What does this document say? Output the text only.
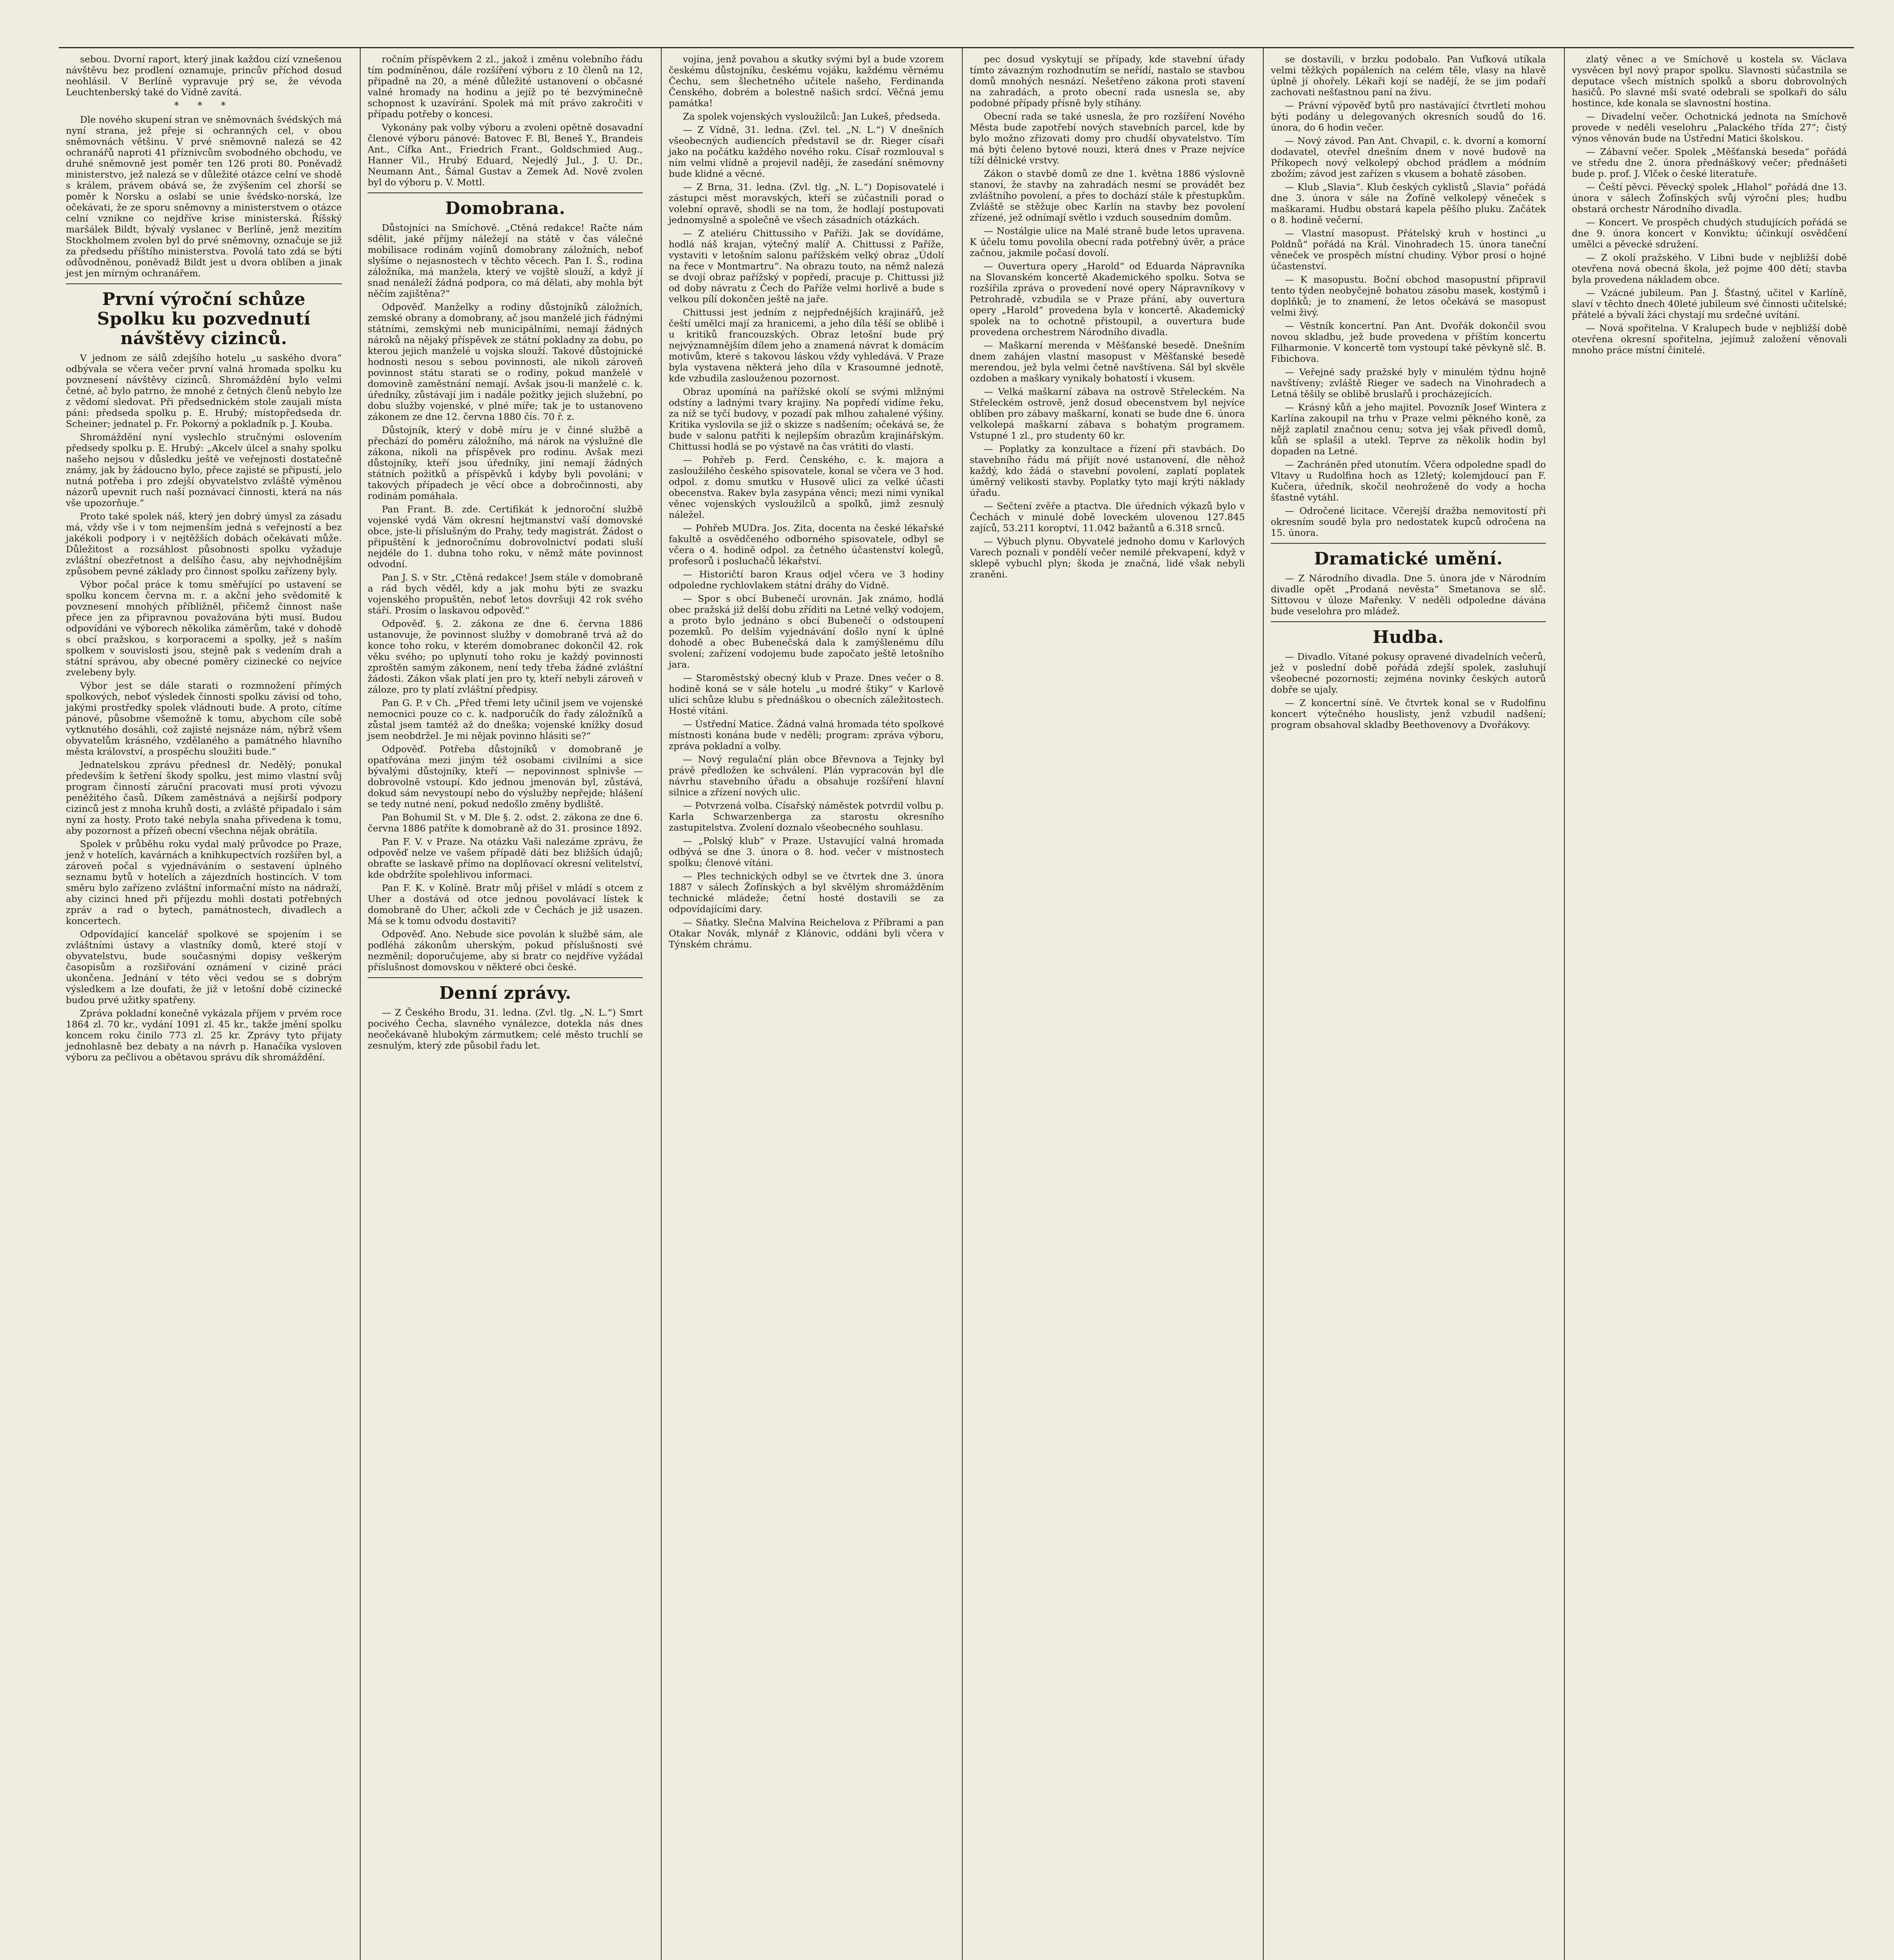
sebou. Dvorní raport, který jinak každou cizí vznešenou návštěvu bez prodlení oznamuje, princův příchod dosud neohlásil. V Berlíně vypravuje prý se, že vévoda Leuchtenberský také do Vídně zavítá.

* * *

Dle nového skupení stran ve sněmovnách švédských má nyní strana, jež přeje si ochranných cel, v obou sněmovnách většinu. V prvé sněmovně nalezá se 42 ochranářů naproti 41 příznivcům svobodného obchodu, ve druhé sněmovně jest poměr ten 126 proti 80. Poněvadž ministerstvo, jež nalezá se v důležité otázce celní ve shodě s králem, právem obává se, že zvýšením cel zhorší se poměr k Norsku a oslabí se unie švédsko-norská, lze očekávati, že ze sporu sněmovny a ministerstvem o otázce celní vznikne co nejdříve krise ministerská. Říšský maršálek Bildt, bývalý vyslanec v Berlíně, jenž mezitím Stockholmem zvolen byl do prvé sněmovny, označuje se již za předsedu příštího ministerstva. Povolá tato zdá se býti odůvodněnou, poněvadž Bildt jest u dvora oblíben a jinak jest jen mírným ochranářem.

První výroční schůze Spolku ku pozvednutí návštěvy cizinců.

V jednom ze sálů zdejšího hotelu „u saského dvora“ odbývala se včera večer první valná hromada spolku ku povznesení návštěvy cizinců. Shromáždění bylo velmi četné, ač bylo patrno, že mnohé z četných členů nebylo lze z vědomí sledovat. Při předsednickém stole zaujali místa páni: předseda spolku p. E. Hrubý; místopředseda dr. Scheiner; jednatel p. Fr. Pokorný a pokladník p. J. Kouba.

Shromáždění nyní vyslechlo stručnými oslovením předsedy spolku p. E. Hrubý: „Akcelv úlcel a snahy spolku našeho nejsou v důsledku ještě ve veřejnosti dostatečně známy, jak by žádoucno bylo, přece zajisté se připustí, jelo nutná potřeba i pro zdejší obyvatelstvo zvláště výměnou názorů upevnit ruch naší poznávací činnosti, která na nás vše upozorňuje.“

Proto také spolek náš, který jen dobrý úmysl za zásadu má, vždy vše i v tom nejmenším jedná s veřejností a bez jakékoli podpory i v nejtěžších dobách očekávati může. Důležitost a rozsáhlost působnosti spolku vyžaduje zvláštní obezřetnost a delšího času, aby nejvhodnějším způsobem pevné základy pro činnost spolku zařízeny byly.

Výbor počal práce k tomu směřující po ustavení se spolku koncem června m. r. a akční jeho svědomitě k povznesení mnohých příbližněl, přičemž činnost naše přece jen za připravnou považována býti musí. Budou odpovídáni ve výborech několika záměrům, také v dohodě s obcí pražskou, s korporacemi a spolky, jež s naším spolkem v souvislosti jsou, stejně pak s vedením drah a státní správou, aby obecné poměry cizinecké co nejvíce zvelebeny byly.

Výbor jest se dále starati o rozmnožení přímých spolkových, neboť výsledek činnosti spolku závisí od toho, jakými prostředky spolek vládnouti bude. A proto, cítíme pánové, působme všemožně k tomu, abychom cíle sobě vytknutého dosáhli, což zajisté nejsnáze nám, nýbrž všem obyvatelům krásného, vzdělaného a památného hlavního města království, a prospěchu sloužiti bude.“

Jednatelskou zprávu přednesl dr. Nedělý; ponukal především k šetření škody spolku, jest mimo vlastní svůj program činností záruční pracovati musí proti vývozu peněžitého časů. Díkem zaměstnává a nejširší podpory cizinců jest z mnoha kruhů dosti, a zvláště připadalo i sám nyní za hosty. Proto také nebyla snaha přivedena k tomu, aby pozornost a přízeň obecní všechna nějak obrátila.

Spolek v průběhu roku vydal malý průvodce po Praze, jenž v hotelích, kavárnách a knihkupectvích rozšířen byl, a zároveň počal s vyjednáváním o sestavení úplného seznamu bytů v hotelích a zájezdních hostincích. V tom směru bylo zařízeno zvláštní informační místo na nádraží, aby cizinci hned při příjezdu mohli dostati potřebných zpráv a rad o bytech, památnostech, divadlech a koncertech.

Odpovídající kancelář spolkové se spojením i se zvláštními ústavy a vlastníky domů, které stojí v obyvatelstvu, bude současnými dopisy veškerým časopisům a rozšiřování oznámení v cizině práci ukončena. Jednání v této věci vedou se s dobrým výsledkem a lze doufati, že již v letošní době cizinecké budou prvé užitky spatřeny.

Zpráva pokladní konečně vykázala příjem v prvém roce 1864 zl. 70 kr., vydání 1091 zl. 45 kr., takže jmění spolku koncem roku činilo 773 zl. 25 kr. Zprávy tyto přijaty jednohlasně bez debaty a na návrh p. Hanačíka vysloven výboru za pečlivou a obětavou správu dík shromáždění.

ročním příspěvkem 2 zl., jakož i změnu volebního řádu tím podmíněnou, dále rozšíření výboru z 10 členů na 12, připadně na 20, a méně důležité ustanovení o občasné valné hromady na hodinu a jejíž po té bezvýminečně schopnost k uzavírání. Spolek má mít právo zakročiti v případu potřeby o koncesi.

Vykonány pak volby výboru a zvoleni opětně dosavadní členové výboru pánové: Batovec F. Bl, Beneš Y., Brandeis Ant., Cífka Ant., Friedrich Frant., Goldschmied Aug., Hanner Vil., Hrubý Eduard, Nejedlý Jul., J. U. Dr., Neumann Ant., Šámal Gustav a Zemek Ad. Nově zvolen byl do výboru p. V. Mottl.

Domobrana.

Důstojníci na Smíchově. „Ctěná redakce! Račte nám sdělit, jaké příjmy náležejí na státě v čas válečné mobilisace rodinám vojínů domobrany záložních, neboť slyšíme o nejasnostech v těchto věcech. Pan I. Š., rodina záložníka, má manžela, který ve vojště slouží, a když jí snad nenáleží žádná podpora, co má dělati, aby mohla být něčím zajištěna?“

Odpověď. Manželky a rodiny důstojníků záložních, zemské obrany a domobrany, ač jsou manželé jich řádnými státními, zemskými neb municipálními, nemají žádných nároků na nějaký příspěvek ze státní pokladny za dobu, po kterou jejich manželé u vojska slouží. Takové důstojnické hodnosti nesou s sebou povinnosti, ale nikoli zároveň povinnost státu starati se o rodiny, pokud manželé v domovině zaměstnání nemají. Avšak jsou-li manželé c. k. úředníky, zůstávají jim i nadále požitky jejich služební, po dobu služby vojenské, v plné míře; tak je to ustanoveno zákonem ze dne 12. června 1880 čís. 70 ř. z.

Důstojník, který v době míru je v činné službě a přechází do poměru záložního, má nárok na výslužné dle zákona, nikoli na příspěvek pro rodinu. Avšak mezi důstojníky, kteří jsou úředníky, jiní nemají žádných státních požitků a příspěvků i kdyby byli povoláni; v takových případech je věcí obce a dobročinnosti, aby rodinám pomáhala.

Pan Frant. B. zde. Certifikát k jednoroční službě vojenské vydá Vám okresní hejtmanství vaší domovské obce, jste-li příslušným do Prahy, tedy magistrát. Žádost o připuštění k jednoročnímu dobrovolnictví podati sluší nejdéle do 1. dubna toho roku, v němž máte povinnost odvodní.

Pan J. S. v Str. „Ctěná redakce! Jsem stále v domobraně a rád bych věděl, kdy a jak mohu býti ze svazku vojenského propuštěn, neboť letos dovršuji 42 rok svého stáří. Prosím o laskavou odpověď.“

Odpověď. §. 2. zákona ze dne 6. června 1886 ustanovuje, že povinnost služby v domobraně trvá až do konce toho roku, v kterém domobranec dokončil 42. rok věku svého; po uplynutí toho roku je každý povinnosti zproštěn samým zákonem, není tedy třeba žádné zvláštní žádosti. Zákon však platí jen pro ty, kteří nebyli zároveň v záloze, pro ty platí zvláštní předpisy.

Pan G. P. v Ch. „Před třemi lety učinil jsem ve vojenské nemocnici pouze co c. k. nadporučík do řady záložníků a zůstal jsem tamtéž až do dneška; vojenské knížky dosud jsem neobdržel. Je mi nějak povinno hlásiti se?“

Odpověď. Potřeba důstojníků v domobraně je opatřována mezi jiným též osobami civilními a sice bývalými důstojníky, kteří — nepovinnost splnivše — dobrovolně vstoupí. Kdo jednou jmenován byl, zůstává, dokud sám nevystoupí nebo do výslužby nepřejde; hlášení se tedy nutné není, pokud nedošlo změny bydliště.

Pan Bohumil St. v M. Dle §. 2. odst. 2. zákona ze dne 6. června 1886 patříte k domobraně až do 31. prosince 1892.

Pan F. V. v Praze. Na otázku Vaši nalezáme zprávu, že odpověď nelze ve vašem případě dáti bez bližších údajů; obraťte se laskavě přímo na doplňovací okresní velitelství, kde obdržíte spolehlivou informaci.

Pan F. K. v Kolíně. Bratr můj přišel v mládí s otcem z Uher a dostává od otce jednou povolávací lístek k domobraně do Uher, ačkoli zde v Čechách je již usazen. Má se k tomu odvodu dostaviti?

Odpověď. Ano. Nebude sice povolán k službě sám, ale podléhá zákonům uherským, pokud příslušnosti své nezměnil; doporučujeme, aby si bratr co nejdříve vyžádal příslušnost domovskou v některé obci české.

Denní zprávy.

— Z Českého Brodu, 31. ledna. (Zvl. tlg. „N. L.“) Smrt pocivého Čecha, slavného vynálezce, dotekla nás dnes neočekávaně hlubokým zármutkem; celé město truchlí se zesnulým, který zde působil řadu let.

vojína, jenž povahou a skutky svými byl a bude vzorem českému důstojníku, českému vojáku, každému věrnému Čechu, sem šlechetného učitele našeho, Ferdinanda Čenského, dobrém a bolestně našich srdcí. Věčná jemu památka!

Za spolek vojenských vysloužilců: Jan Lukeš, předseda.

— Z Vídně, 31. ledna. (Zvl. tel. „N. L.“) V dnešních všeobecných audiencích představil se dr. Rieger císaři jako na počátku každého nového roku. Císař rozmlouval s ním velmi vlídně a projevil naději, že zasedání sněmovny bude klidné a věcné.

— Z Brna, 31. ledna. (Zvl. tlg. „N. L.“) Dopisovatelé i zástupci měst moravských, kteří se zúčastnili porad o volební opravě, shodli se na tom, že hodlají postupovati jednomyslně a společně ve všech zásadních otázkách.

— Z ateliéru Chittussiho v Paříži. Jak se dovídáme, hodlá náš krajan, výtečný malíř A. Chittussi z Paříže, vystaviti v letošním salonu pařížském velký obraz „Údolí na řece v Montmartru“. Na obrazu touto, na němž nalezá se dvojí obraz pařížský v popředí, pracuje p. Chittussi již od doby návratu z Čech do Paříže velmi horlivě a bude s velkou pílí dokončen ještě na jaře.

Chittussi jest jedním z nejpřednějších krajinářů, jež čeští umělci mají za hranicemi, a jeho díla těší se oblibě i u kritiků francouzských. Obraz letošní bude prý nejvýznamnějším dílem jeho a znamená návrat k domácím motivům, které s takovou láskou vždy vyhledává. V Praze byla vystavena některá jeho díla v Krasoumné jednotě, kde vzbudila zaslouženou pozornost.

Obraz upomíná na pařížské okolí se svými mlžnými odstíny a ladnými tvary krajiny. Na popředí vidíme řeku, za níž se tyčí budovy, v pozadí pak mlhou zahalené výšiny. Kritika vyslovila se již o skizze s nadšením; očekává se, že bude v salonu patřiti k nejlepším obrazům krajinářským. Chittussi hodlá se po výstavě na čas vrátiti do vlasti.

— Pohřeb p. Ferd. Čenského, c. k. majora a zasloužilého českého spisovatele, konal se včera ve 3 hod. odpol. z domu smutku v Husově ulici za velké účasti obecenstva. Rakev byla zasypána věnci; mezi nimi vynikal věnec vojenských vysloužilců a spolků, jimž zesnulý náležel.

— Pohřeb MUDra. Jos. Zita, docenta na české lékařské fakultě a osvědčeného odborného spisovatele, odbyl se včera o 4. hodině odpol. za četného účastenství kolegů, profesorů i posluchačů lékařství.

— Historičtí baron Kraus odjel včera ve 3 hodiny odpoledne rychlovlakem státní dráhy do Vídně.

— Spor s obcí Bubenečí urovnán. Jak známo, hodlá obec pražská již delší dobu zříditi na Letné velký vodojem, a proto bylo jednáno s obcí Bubenečí o odstoupení pozemků. Po delším vyjednávání došlo nyní k úplné dohodě a obec Bubenečská dala k zamýšlenému dílu svolení; zařízení vodojemu bude započato ještě letošního jara.

— Staroměstský obecný klub v Praze. Dnes večer o 8. hodině koná se v sále hotelu „u modré štiky“ v Karlově ulici schůze klubu s přednáškou o obecních záležitostech. Hosté vítáni.

— Ústřední Matice. Žádná valná hromada této spolkové místnosti konána bude v neděli; program: zpráva výboru, zpráva pokladní a volby.

— Nový regulační plán obce Břevnova a Tejnky byl právě předložen ke schválení. Plán vypracován byl dle návrhu stavebního úřadu a obsahuje rozšíření hlavní silnice a zřízení nových ulic.

— Potvrzená volba. Císařský náměstek potvrdil volbu p. Karla Schwarzenberga za starostu okresního zastupitelstva. Zvolení doznalo všeobecného souhlasu.

— „Polský klub“ v Praze. Ustavující valná hromada odbývá se dne 3. února o 8. hod. večer v místnostech spolku; členové vítáni.

— Ples technických odbyl se ve čtvrtek dne 3. února 1887 v sálech Žofínských a byl skvělým shromážděním technické mládeže; četní hosté dostavili se za odpovídajícími dary.

— Sňatky. Slečna Malvína Reichelova z Příbrami a pan Otakar Novák, mlynář z Klánovic, oddáni byli včera v Týnském chrámu.

pec dosud vyskytují se případy, kde stavební úřady tímto závazným rozhodnutím se neřídí, nastalo se stavbou domů mnohých nesnází. Nešetřeno zákona proti stavení na zahradách, a proto obecní rada usnesla se, aby podobné případy přísně byly stíhány.

Obecní rada se také usnesla, že pro rozšíření Nového Města bude zapotřebí nových stavebních parcel, kde by bylo možno zřizovati domy pro chudší obyvatelstvo. Tím má býti čeleno bytové nouzi, která dnes v Praze nejvíce tíží dělnické vrstvy.

Zákon o stavbě domů ze dne 1. května 1886 výslovně stanoví, že stavby na zahradách nesmí se provádět bez zvláštního povolení, a přes to dochází stále k přestupkům. Zvláště se stěžuje obec Karlín na stavby bez povolení zřízené, jež odnímají světlo i vzduch sousedním domům.

— Nostálgie ulice na Malé straně bude letos upravena. K účelu tomu povolila obecní rada potřebný úvěr, a práce začnou, jakmile počasí dovolí.

— Ouvertura opery „Harold“ od Eduarda Nápravníka na Slovanském koncertě Akademického spolku. Sotva se rozšířila zpráva o provedení nové opery Nápravníkovy v Petrohradě, vzbudila se v Praze přání, aby ouvertura opery „Harold“ provedena byla v koncertě. Akademický spolek na to ochotně přistoupil, a ouvertura bude provedena orchestrem Národního divadla.

— Maškarní merenda v Měšťanské besedě. Dnešním dnem zahájen vlastní masopust v Měšťanské besedě merendou, jež byla velmi četně navštívena. Sál byl skvěle ozdoben a maškary vynikaly bohatostí i vkusem.

— Velká maškarní zábava na ostrově Střeleckém. Na Střeleckém ostrově, jenž dosud obecenstvem byl nejvíce oblíben pro zábavy maškarní, konati se bude dne 6. února velkolepá maškarní zábava s bohatým programem. Vstupné 1 zl., pro studenty 60 kr.

— Poplatky za konzultace a řízení při stavbách. Do stavebního řádu má přijít nové ustanovení, dle něhož každý, kdo žádá o stavební povolení, zaplatí poplatek úměrný velikosti stavby. Poplatky tyto mají krýti náklady úřadu.

— Sečtení zvěře a ptactva. Dle úředních výkazů bylo v Čechách v minulé době loveckém ulovenou 127.845 zajíců, 53.211 koroptví, 11.042 bažantů a 6.318 srnců.

— Výbuch plynu. Obyvatelé jednoho domu v Karlových Varech poznali v pondělí večer nemilé překvapení, když v sklepě vybuchl plyn; škoda je značná, lidé však nebyli zraněni.

se dostavili, v brzku podobalo. Pan Vufková utíkala velmi těžkých popáleních na celém těle, vlasy na hlavě úplně jí ohořely. Lékaři kojí se nadějí, že se jim podaří zachovati nešťastnou paní na živu.

— Právní výpověď bytů pro nastávající čtvrtletí mohou býti podány u delegovaných okresních soudů do 16. února, do 6 hodin večer.

— Nový závod. Pan Ant. Chvapil, c. k. dvorní a komorní dodavatel, otevřel dnešním dnem v nové budově na Příkopech nový velkolepý obchod prádlem a módním zbožím; závod jest zařízen s vkusem a bohatě zásoben.

— Klub „Slavia“. Klub českých cyklistů „Slavia“ pořádá dne 3. února v sále na Žofíně velkolepý věneček s maškarami. Hudbu obstará kapela pěšího pluku. Začátek o 8. hodině večerní.

— Vlastní masopust. Přátelský kruh v hostinci „u Poldnů“ pořádá na Král. Vinohradech 15. února taneční věneček ve prospěch místní chudiny. Výbor prosí o hojné účastenství.

— K masopustu. Boční obchod masopustní připravil tento týden neobyčejně bohatou zásobu masek, kostýmů i doplňků; je to znamení, že letos očekává se masopust velmi živý.

— Věstník koncertní. Pan Ant. Dvořák dokončil svou novou skladbu, jež bude provedena v příštím koncertu Filharmonie. V koncertě tom vystoupí také pěvkyně slč. B. Fibichova.

— Veřejné sady pražské byly v minulém týdnu hojně navštíveny; zvláště Rieger ve sadech na Vinohradech a Letná těšily se oblibě bruslařů i procházejících.

— Krásný kůň a jeho majitel. Povozník Josef Wintera z Karlína zakoupil na trhu v Praze velmi pěkného koně, za nějž zaplatil značnou cenu; sotva jej však přivedl domů, kůň se splašil a utekl. Teprve za několik hodin byl dopaden na Letné.

— Zachráněn před utonutím. Včera odpoledne spadl do Vltavy u Rudolfina hoch as 12letý; kolemjdoucí pan F. Kučera, úředník, skočil neohroženě do vody a hocha šťastně vytáhl.

— Odročené licitace. Včerejší dražba nemovitostí při okresním soudě byla pro nedostatek kupců odročena na 15. února.

Dramatické umění.

— Z Národního divadla. Dne 5. února jde v Národním divadle opět „Prodaná nevěsta“ Smetanova se slč. Sittovou v úloze Mařenky. V neděli odpoledne dávána bude veselohra pro mládež.

Hudba.

— Divadlo. Vítané pokusy opravené divadelních večerů, jež v poslední době pořádá zdejší spolek, zasluhují všeobecné pozornosti; zejména novinky českých autorů dobře se ujaly.

— Z koncertní síně. Ve čtvrtek konal se v Rudolfinu koncert výtečného houslisty, jenž vzbudil nadšení; program obsahoval skladby Beethovenovy a Dvořákovy.

zlatý věnec a ve Smíchově u kostela sv. Václava vysvěcen byl nový prapor spolku. Slavnosti súčastnila se deputace všech místních spolků a sboru dobrovolných hasičů. Po slavné mši svaté odebrali se spolkaři do sálu hostince, kde konala se slavnostní hostina.

— Divadelní večer. Ochotnická jednota na Smíchově provede v neděli veselohru „Palackého třída 27“; čistý výnos věnován bude na Ústřední Matici školskou.

— Zábavní večer. Spolek „Měšťanská beseda“ pořádá ve středu dne 2. února přednáškový večer; přednášeti bude p. prof. J. Vlček o české literatuře.

— Čeští pěvci. Pěvecký spolek „Hlahol“ pořádá dne 13. února v sálech Žofínských svůj výroční ples; hudbu obstará orchestr Národního divadla.

— Koncert. Ve prospěch chudých studujících pořádá se dne 9. února koncert v Konviktu; účinkují osvědčení umělci a pěvecké sdružení.

— Z okolí pražského. V Libni bude v nejbližší době otevřena nová obecná škola, jež pojme 400 dětí; stavba byla provedena nákladem obce.

— Vzácné jubileum. Pan J. Šťastný, učitel v Karlíně, slaví v těchto dnech 40leté jubileum své činnosti učitelské; přátelé a bývalí žáci chystají mu srdečné uvítání.

— Nová spořitelna. V Kralupech bude v nejbližší době otevřena okresní spořitelna, jejímuž založení věnovali mnoho práce místní činitelé.
